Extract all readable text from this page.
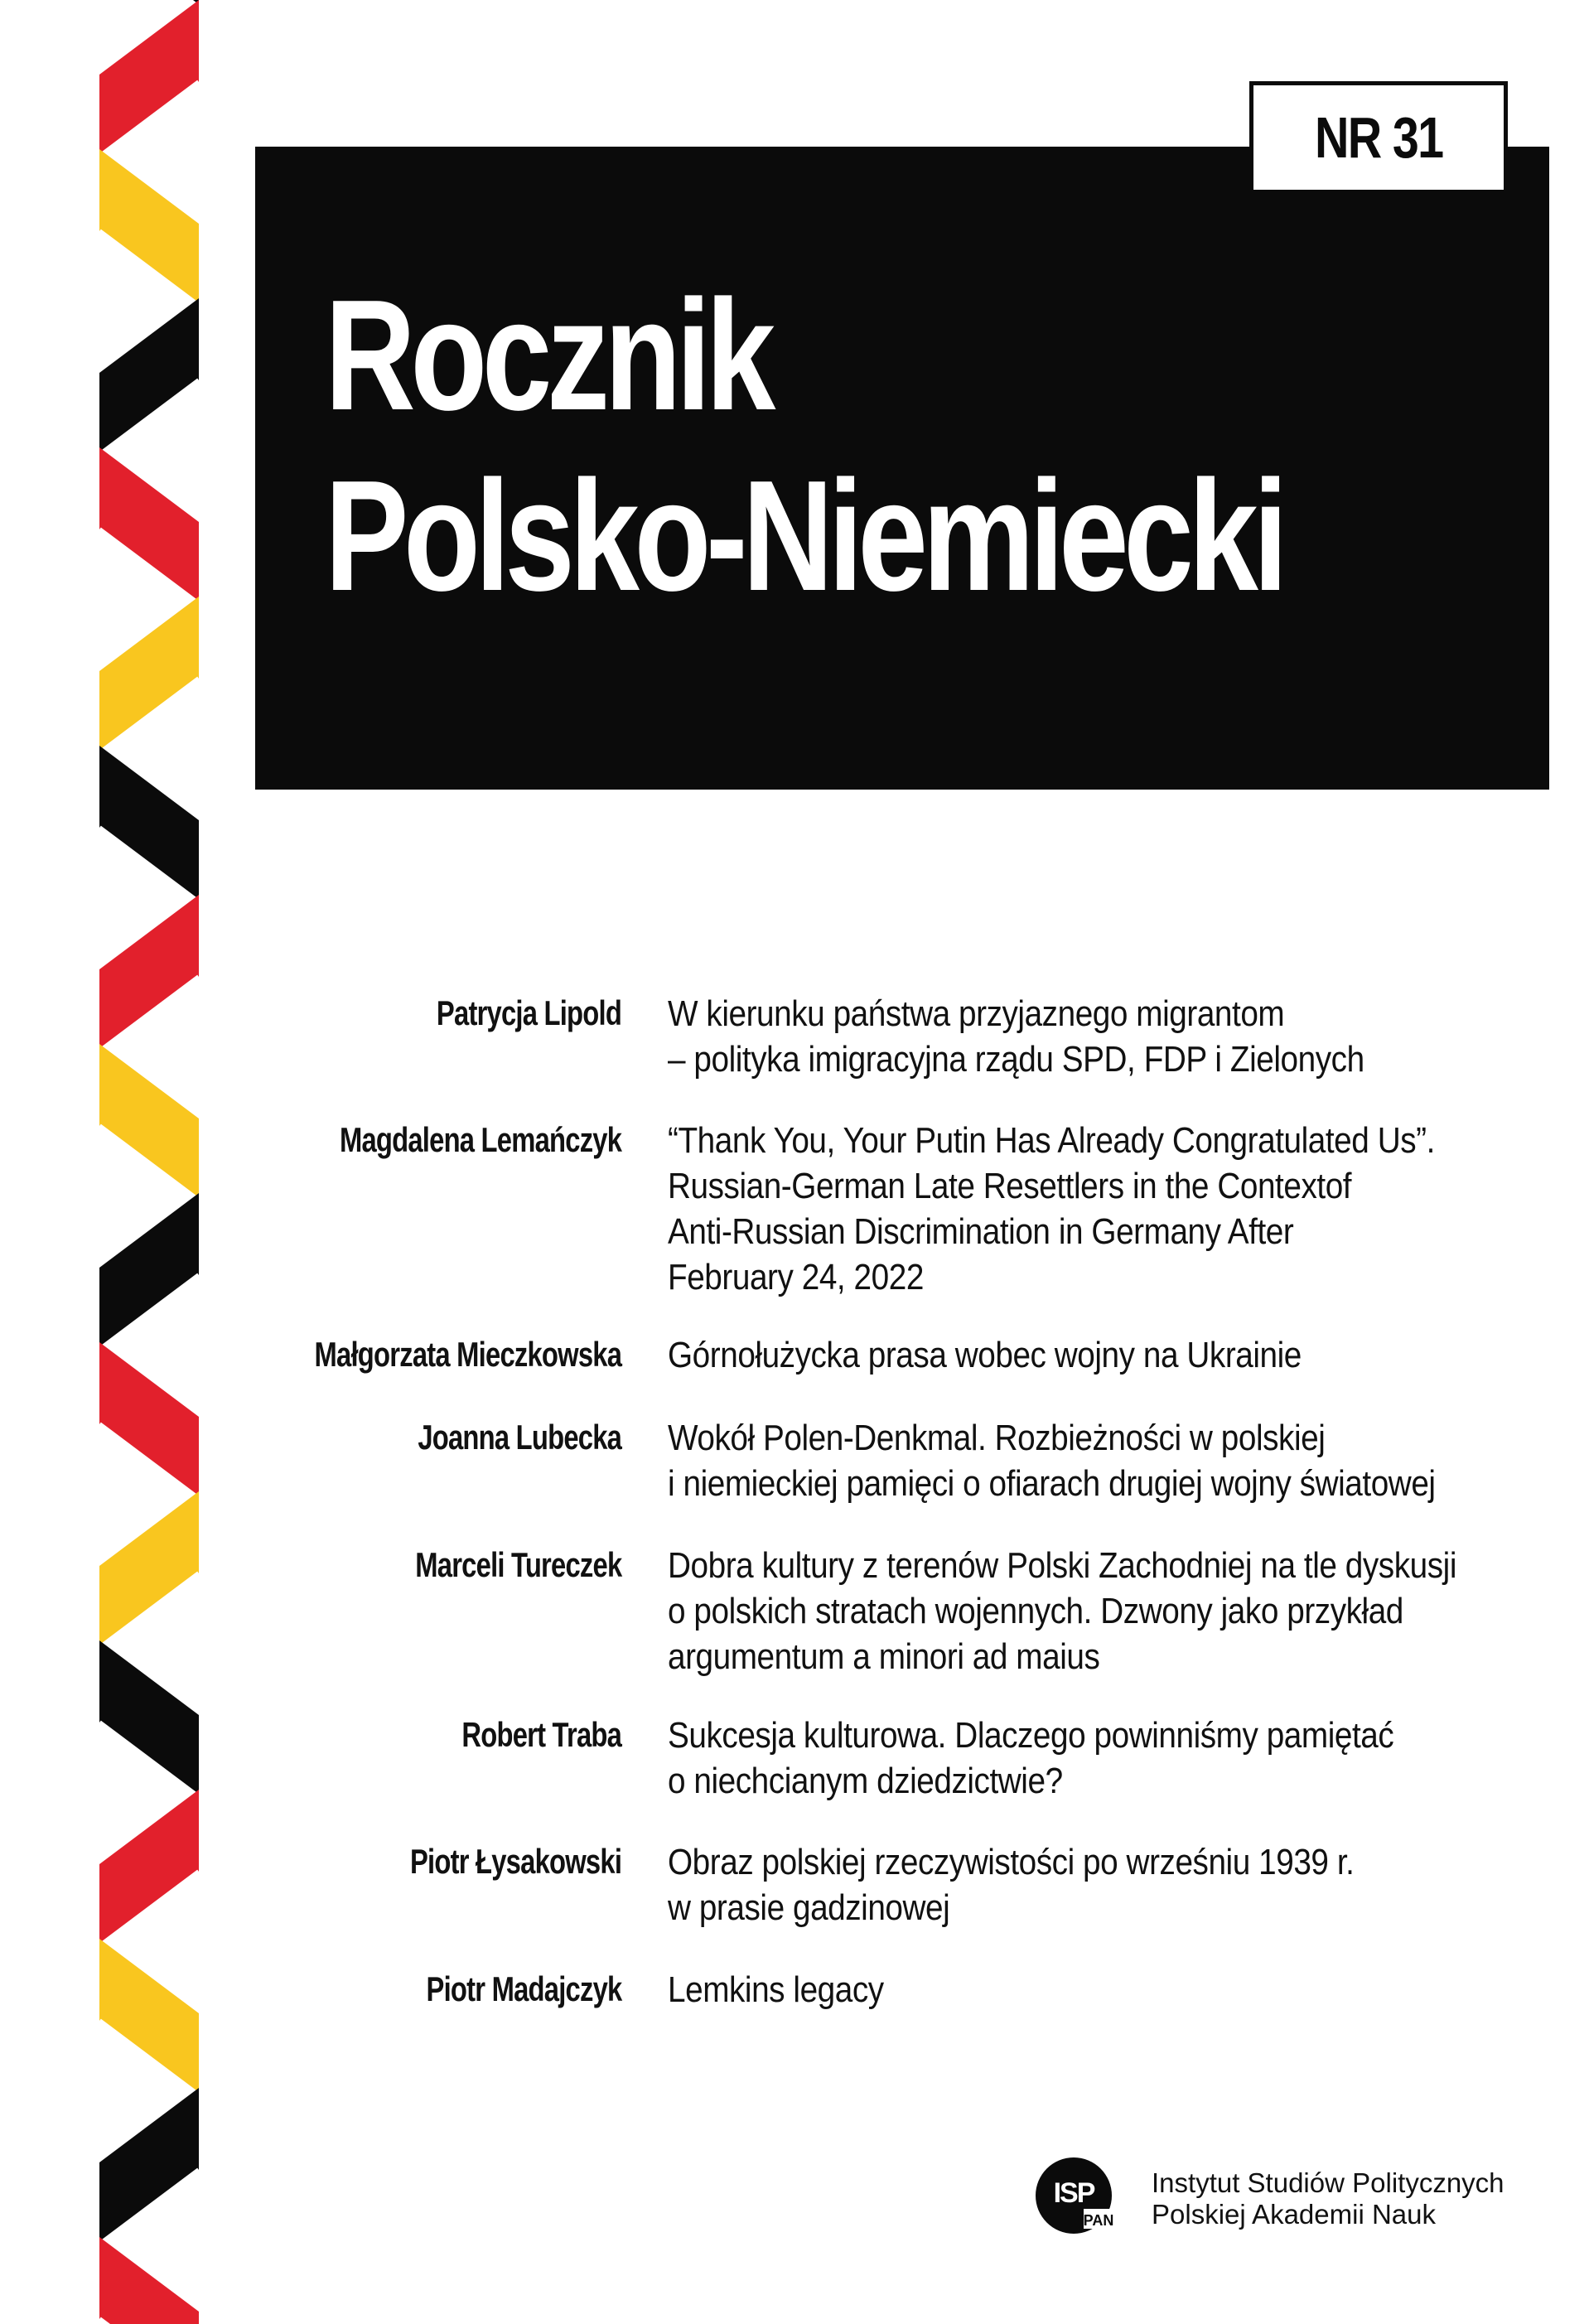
NR 31
Rocznik
Polsko-Niemiecki
Patrycja Lipold W kierunku państwa przyjaznego migrantom
– polityka imigracyjna rządu SPD, FDP i Zielonych
Magdalena Lemańczyk “Thank You, Your Putin Has Already Congratulated Us”.
Russian-German Late Resettlers in the Contextof
Anti-Russian Discrimination in Germany After
February 24, 2022
Małgorzata Mieczkowska Górnołużycka prasa wobec wojny na Ukrainie
Joanna Lubecka Wokół Polen-Denkmal. Rozbieżności w polskiej
i niemieckiej pamięci o ofiarach drugiej wojny światowej
Marceli Tureczek Dobra kultury z terenów Polski Zachodniej na tle dyskusji
o polskich stratach wojennych. Dzwony jako przykład
argumentum a minori ad maius
Robert Traba Sukcesja kulturowa. Dlaczego powinniśmy pamiętać
o niechcianym dziedzictwie?
Piotr Łysakowski Obraz polskiej rzeczywistości po wrześniu 1939 r.
w prasie gadzinowej
Piotr Madajczyk Lemkins legacy
ISP
PAN
Instytut Studiów Politycznych
Polskiej Akademii Nauk
